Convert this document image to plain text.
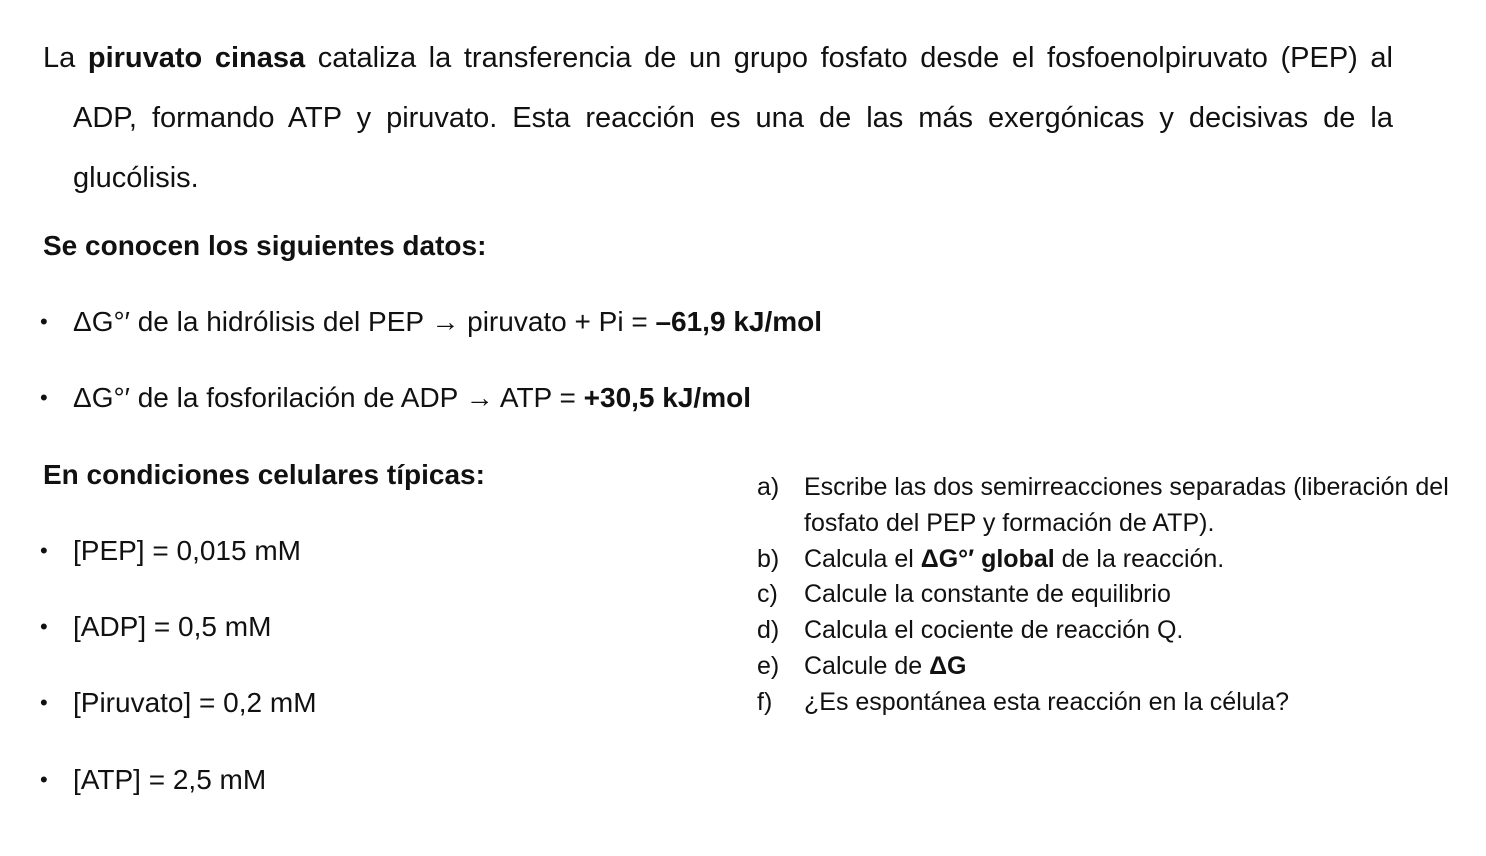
La piruvato cinasa cataliza la transferencia de un grupo fosfato desde el fosfoenolpiruvato (PEP) al ADP, formando ATP y piruvato. Esta reacción es una de las más exergónicas y decisivas de la glucólisis.

Se conocen los siguientes datos:

• ΔG°′ de la hidrólisis del PEP → piruvato + Pi = –61,9 kJ/mol

• ΔG°′ de la fosforilación de ADP → ATP = +30,5 kJ/mol

En condiciones celulares típicas:

• [PEP] = 0,015 mM

• [ADP] = 0,5 mM

• [Piruvato] = 0,2 mM

• [ATP] = 2,5 mM

a) Escribe las dos semirreacciones separadas (liberación del fosfato del PEP y formación de ATP).
b) Calcula el ΔG°′ global de la reacción.
c)	Calcule la constante de equilibrio
d) Calcula el cociente de reacción Q.
e) Calcule de ΔG
f)	¿Es espontánea esta reacción en la célula?
